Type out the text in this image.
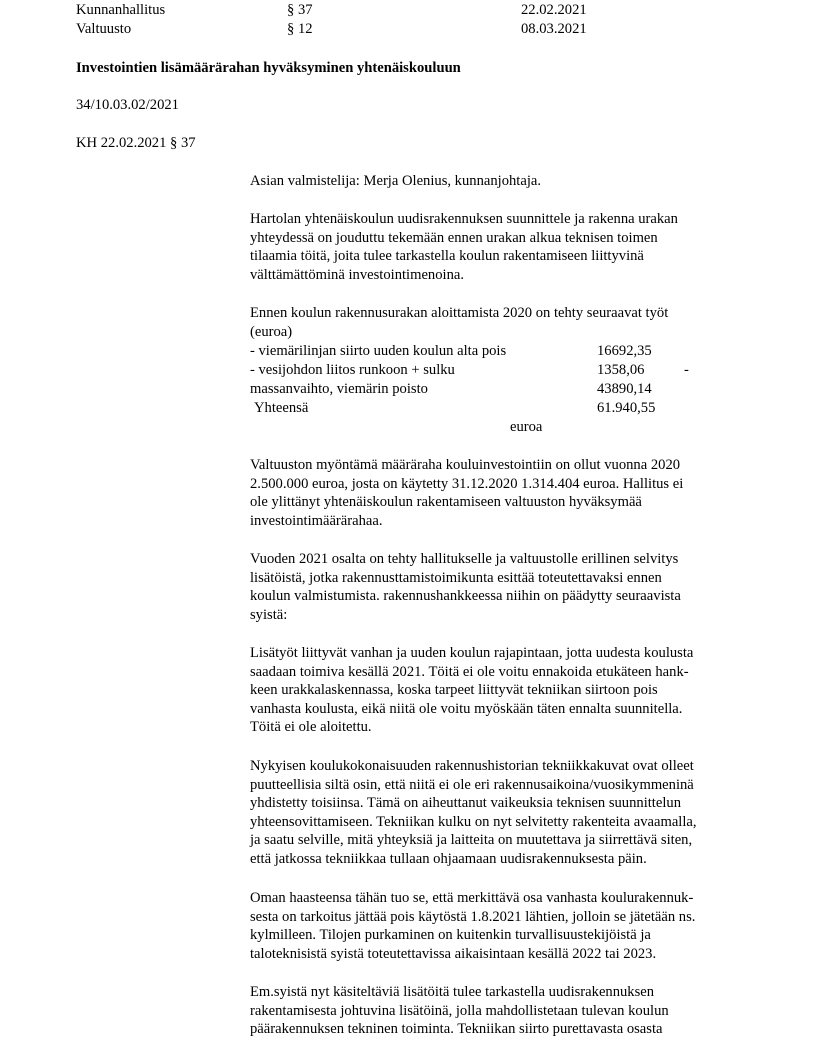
Kunnanhallitus	§ 37	22.02.2021
Valtuusto	§ 12	08.03.2021
Investointien lisämäärärahan hyväksyminen yhtenäiskouluun
34/10.03.02/2021
KH 22.02.2021 § 37
Asian valmistelija: Merja Olenius, kunnanjohtaja.
Hartolan yhtenäiskoulun uudisrakennuksen suunnittele ja rakenna urakan
yhteydessä on jouduttu tekemään ennen urakan alkua teknisen toimen
tilaamia töitä, joita tulee tarkastella koulun rakentamiseen liittyvinä
välttämättöminä investointimenoina.
Ennen koulun rakennusurakan aloittamista 2020 on tehty seuraavat työt
(euroa)
- viemärilinjan siirto uuden koulun alta pois	16692,35
- vesijohdon liitos runkoon + sulku	1358,06	-
massanvaihto, viemärin poisto	43890,14
Yhteensä	61.940,55
euroa
Valtuuston myöntämä määräraha kouluinvestointiin on ollut vuonna 2020
2.500.000 euroa, josta on käytetty 31.12.2020 1.314.404 euroa. Hallitus ei
ole ylittänyt yhtenäiskoulun rakentamiseen valtuuston hyväksymää
investointimäärärahaa.
Vuoden 2021 osalta on tehty hallitukselle ja valtuustolle erillinen selvitys
lisätöistä, jotka rakennusttamistoimikunta esittää toteutettavaksi ennen
koulun valmistumista. rakennushankkeessa niihin on päädytty seuraavista
syistä:
Lisätyöt liittyvät vanhan ja uuden koulun rajapintaan, jotta uudesta koulusta
saadaan toimiva kesällä 2021. Töitä ei ole voitu ennakoida etukäteen hank-
keen urakkalaskennassa, koska tarpeet liittyvät tekniikan siirtoon pois
vanhasta koulusta, eikä niitä ole voitu myöskään täten ennalta suunnitella.
Töitä ei ole aloitettu.
Nykyisen koulukokonaisuuden rakennushistorian tekniikkakuvat ovat olleet
puutteellisia siltä osin, että niitä ei ole eri rakennusaikoina/vuosikymmeninä
yhdistetty toisiinsa. Tämä on aiheuttanut vaikeuksia teknisen suunnittelun
yhteensovittamiseen. Tekniikan kulku on nyt selvitetty rakenteita avaamalla,
ja saatu selville, mitä yhteyksiä ja laitteita on muutettava ja siirrettävä siten,
että jatkossa tekniikkaa tullaan ohjaamaan uudisrakennuksesta päin.
Oman haasteensa tähän tuo se, että merkittävä osa vanhasta koulurakennuk-
sesta on tarkoitus jättää pois käytöstä 1.8.2021 lähtien, jolloin se jätetään ns.
kylmilleen. Tilojen purkaminen on kuitenkin turvallisuustekijöistä ja
taloteknisistä syistä toteutettavissa aikaisintaan kesällä 2022 tai 2023.
Em.syistä nyt käsiteltäviä lisätöitä tulee tarkastella uudisrakennuksen
rakentamisesta johtuvina lisätöinä, jolla mahdollistetaan tulevan koulun
päärakennuksen tekninen toiminta. Tekniikan siirto purettavasta osasta
